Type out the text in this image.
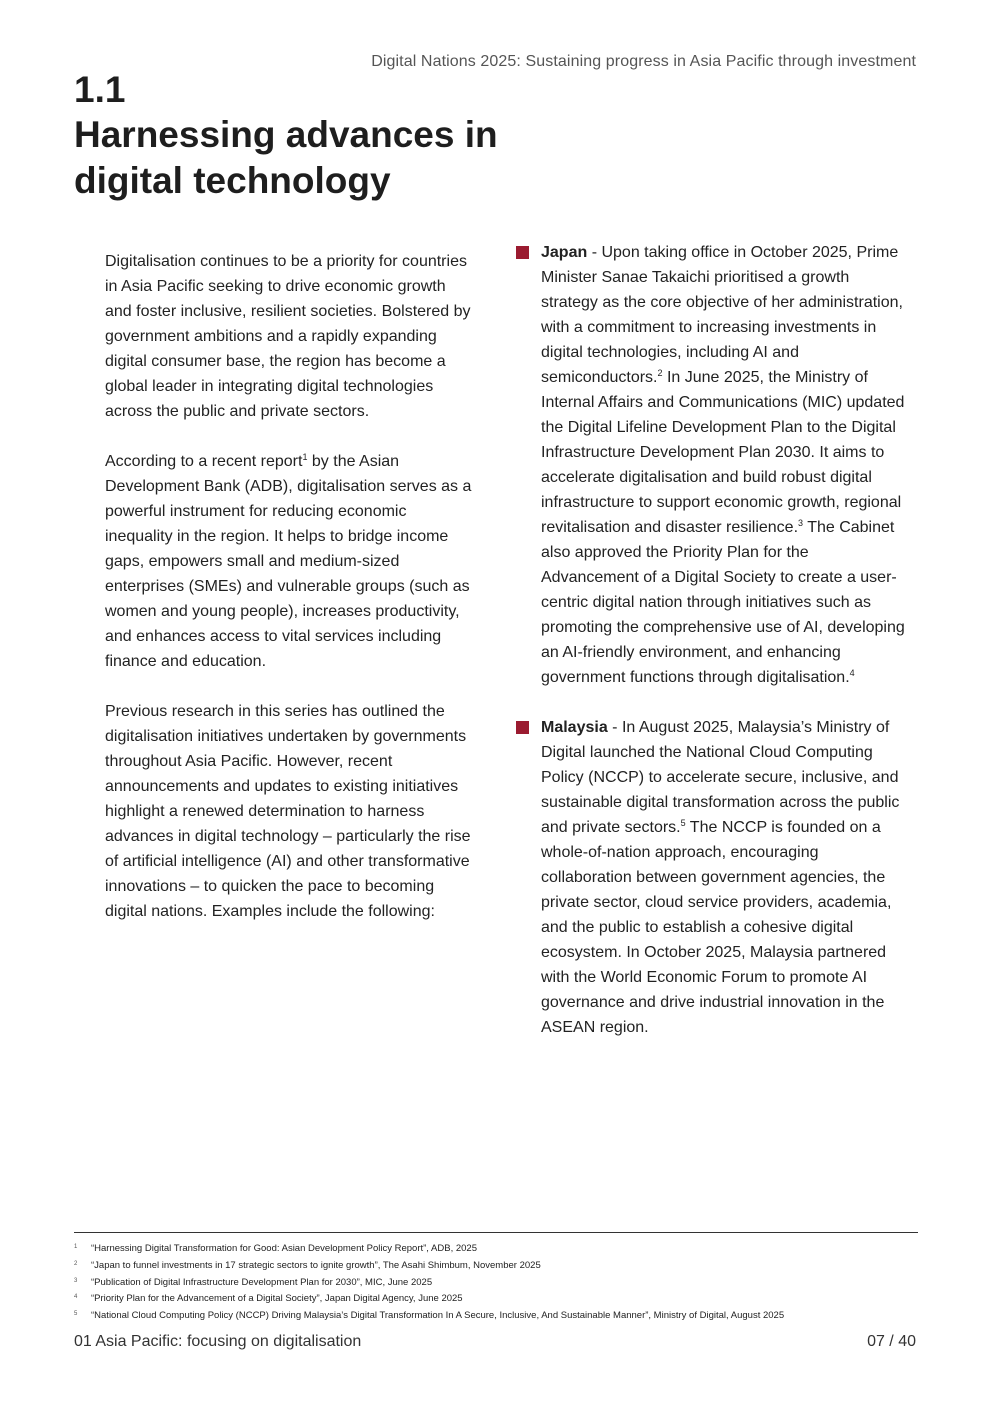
Digital Nations 2025: Sustaining progress in Asia Pacific through investment
1.1
Harnessing advances in digital technology

Digitalisation continues to be a priority for countries in Asia Pacific seeking to drive economic growth and foster inclusive, resilient societies. Bolstered by government ambitions and a rapidly expanding digital consumer base, the region has become a global leader in integrating digital technologies across the public and private sectors.

According to a recent report$^1$ by the Asian Development Bank (ADB), digitalisation serves as a powerful instrument for reducing economic inequality in the region. It helps to bridge income gaps, empowers small and medium-sized enterprises (SMEs) and vulnerable groups (such as women and young people), increases productivity, and enhances access to vital services including finance and education.

Previous research in this series has outlined the digitalisation initiatives undertaken by governments throughout Asia Pacific. However, recent announcements and updates to existing initiatives highlight a renewed determination to harness advances in digital technology – particularly the rise of artificial intelligence (AI) and other transformative innovations – to quicken the pace to becoming digital nations. Examples include the following:

Japan - Upon taking office in October 2025, Prime Minister Sanae Takaichi prioritised a growth strategy as the core objective of her administration, with a commitment to increasing investments in digital technologies, including AI and semiconductors.$^2$ In June 2025, the Ministry of Internal Affairs and Communications (MIC) updated the Digital Lifeline Development Plan to the Digital Infrastructure Development Plan 2030. It aims to accelerate digitalisation and build robust digital infrastructure to support economic growth, regional revitalisation and disaster resilience.$^3$ The Cabinet also approved the Priority Plan for the Advancement of a Digital Society to create a user-centric digital nation through initiatives such as promoting the comprehensive use of AI, developing an AI-friendly environment, and enhancing government functions through digitalisation.$^4$
Malaysia - In August 2025, Malaysia’s Ministry of Digital launched the National Cloud Computing Policy (NCCP) to accelerate secure, inclusive, and sustainable digital transformation across the public and private sectors.$^5$ The NCCP is founded on a whole-of-nation approach, encouraging collaboration between government agencies, the private sector, cloud service providers, academia, and the public to establish a cohesive digital ecosystem. In October 2025, Malaysia partnered with the World Economic Forum to promote AI governance and drive industrial innovation in the ASEAN region.
1 “Harnessing Digital Transformation for Good: Asian Development Policy Report”, ADB, 2025
2 “Japan to funnel investments in 17 strategic sectors to ignite growth”, The Asahi Shimbum, November 2025
3 “Publication of Digital Infrastructure Development Plan for 2030”, MIC, June 2025
4 “Priority Plan for the Advancement of a Digital Society”, Japan Digital Agency, June 2025
5 “National Cloud Computing Policy (NCCP) Driving Malaysia’s Digital Transformation In A Secure, Inclusive, And Sustainable Manner”, Ministry of Digital, August 2025
01 Asia Pacific: focusing on digitalisation	07 / 40
